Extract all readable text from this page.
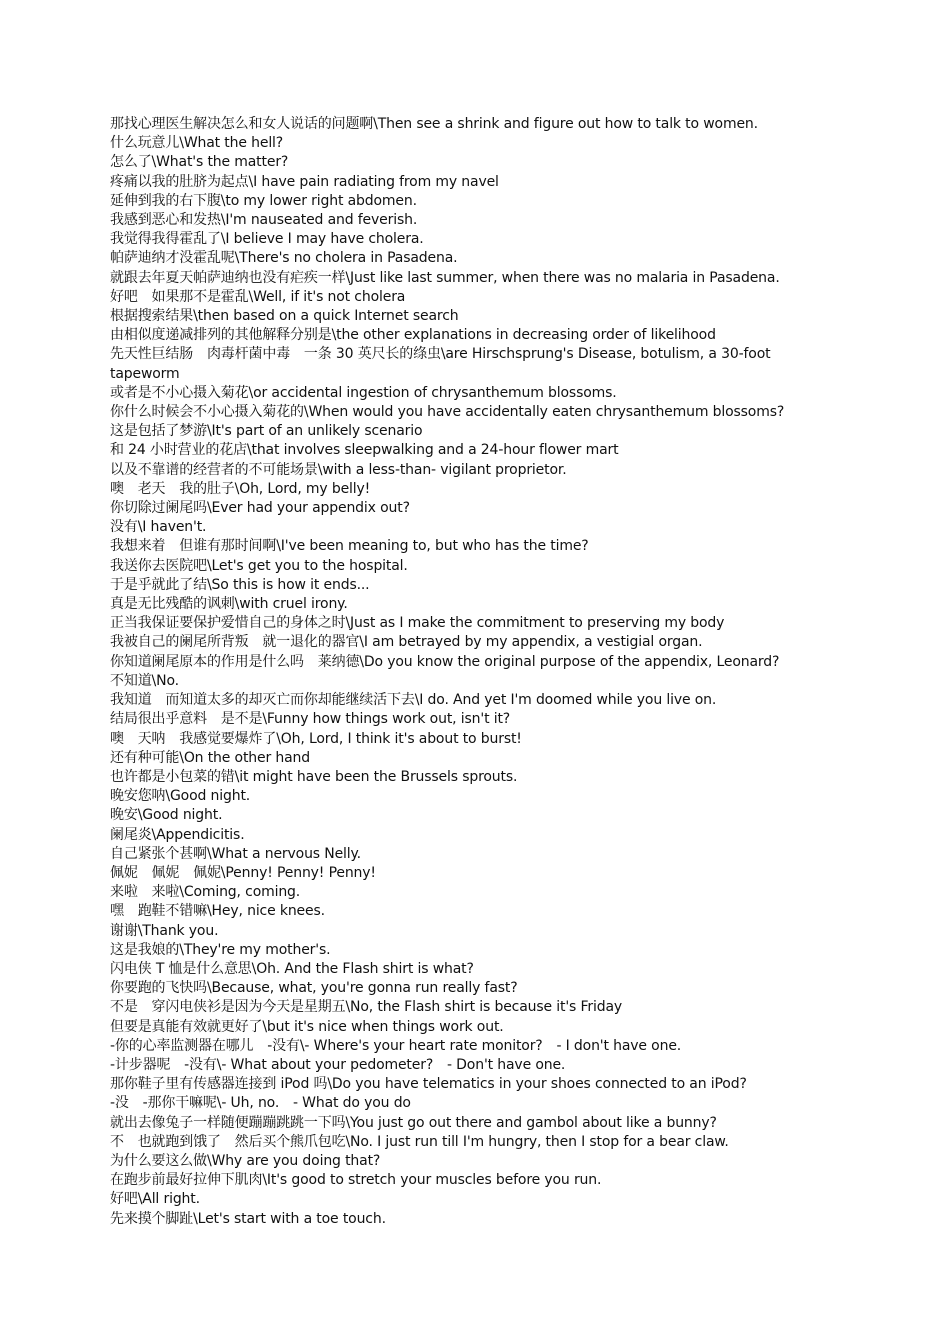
那找心理医生解决怎么和女人说话的问题啊\Then see a shrink and figure out how to talk to women.
什么玩意儿\What the hell?
怎么了\What's the matter?
疼痛以我的肚脐为起点\I have pain radiating from my navel
延伸到我的右下腹\to my lower right abdomen.
我感到恶心和发热\I'm nauseated and feverish.
我觉得我得霍乱了\I believe I may have cholera.
帕萨迪纳才没霍乱呢\There's no cholera in Pasadena.
就跟去年夏天帕萨迪纳也没有疟疾一样\Just like last summer, when there was no malaria in Pasadena.
好吧　如果那不是霍乱\Well, if it's not cholera
根据搜索结果\then based on a quick Internet search
由相似度递减排列的其他解释分别是\the other explanations in decreasing order of likelihood
先天性巨结肠　肉毒杆菌中毒　一条 30 英尺长的绦虫\are Hirschsprung's Disease, botulism, a 30-foot tapeworm
或者是不小心摄入菊花\or accidental ingestion of chrysanthemum blossoms.
你什么时候会不小心摄入菊花的\When would you have accidentally eaten chrysanthemum blossoms?
这是包括了梦游\It's part of an unlikely scenario
和 24 小时营业的花店\that involves sleepwalking and a 24-hour flower mart
以及不靠谱的经营者的不可能场景\with a less-than- vigilant proprietor.
噢　老天　我的肚子\Oh, Lord, my belly!
你切除过阑尾吗\Ever had your appendix out?
没有\I haven't.
我想来着　但谁有那时间啊\I've been meaning to, but who has the time?
我送你去医院吧\Let's get you to the hospital.
于是乎就此了结\So this is how it ends...
真是无比残酷的讽刺\with cruel irony.
正当我保证要保护爱惜自己的身体之时\Just as I make the commitment to preserving my body
我被自己的阑尾所背叛　就一退化的器官\I am betrayed by my appendix, a vestigial organ.
你知道阑尾原本的作用是什么吗　莱纳德\Do you know the original purpose of the appendix, Leonard?
不知道\No.
我知道　而知道太多的却灭亡而你却能继续活下去\I do. And yet I'm doomed while you live on.
结局很出乎意料　是不是\Funny how things work out, isn't it?
噢　天呐　我感觉要爆炸了\Oh, Lord, I think it's about to burst!
还有种可能\On the other hand
也许都是小包菜的错\it might have been the Brussels sprouts.
晚安您呐\Good night.
晚安\Good night.
阑尾炎\Appendicitis.
自己紧张个甚啊\What a nervous Nelly.
佩妮　佩妮　佩妮\Penny! Penny! Penny!
来啦　来啦\Coming, coming.
嘿　跑鞋不错嘛\Hey, nice knees.
谢谢\Thank you.
这是我娘的\They're my mother's.
闪电侠 T 恤是什么意思\Oh. And the Flash shirt is what?
你要跑的飞快吗\Because, what, you're gonna run really fast?
不是　穿闪电侠衫是因为今天是星期五\No, the Flash shirt is because it's Friday
但要是真能有效就更好了\but it's nice when things work out.
-你的心率监测器在哪儿　-没有\- Where's your heart rate monitor?　- I don't have one.
-计步器呢　-没有\- What about your pedometer?　- Don't have one.
那你鞋子里有传感器连接到 iPod 吗\Do you have telematics in your shoes connected to an iPod?
-没　-那你干嘛呢\- Uh, no.　- What do you do
就出去像兔子一样随便蹦蹦跳跳一下吗\You just go out there and gambol about like a bunny?
不　也就跑到饿了　然后买个熊爪包吃\No. I just run till I'm hungry, then I stop for a bear claw.
为什么要这么做\Why are you doing that?
在跑步前最好拉伸下肌肉\It's good to stretch your muscles before you run.
好吧\All right.
先来摸个脚趾\Let's start with a toe touch.
